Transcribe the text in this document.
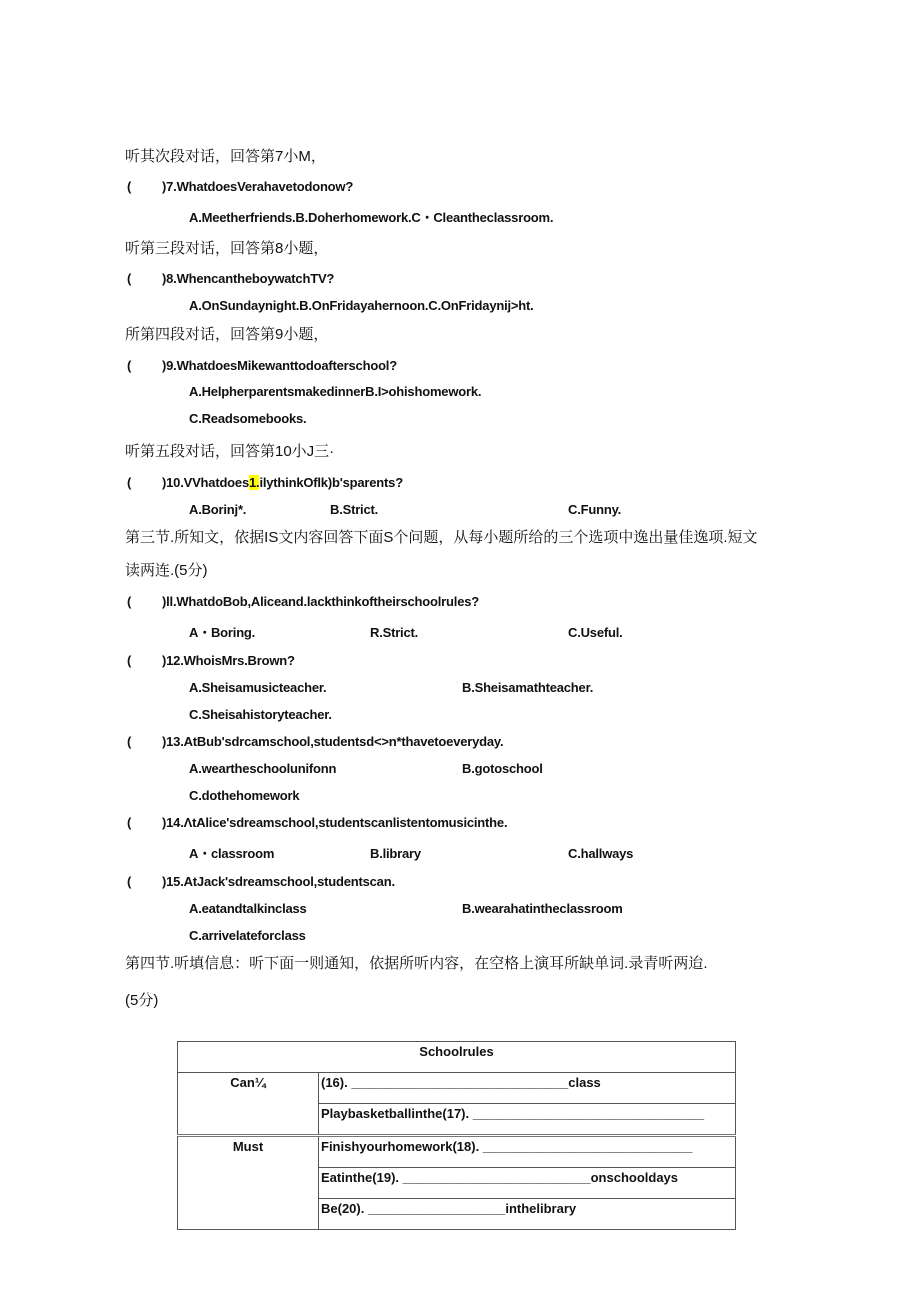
听其次段对话，回答第7小M，
( )7.WhatdoesVerahavetodonow?
A.Meetherfriends.B.Doherhomework.C・Cleantheclassroom.
听第三段对话，回答第8小题，
( )8.WhencantheboywatchTV?
A.OnSundaynight.B.OnFridayahernoon.C.OnFridaynij>ht.
所第四段对话，回答第9小题，
( )9.WhatdoesMikewanttodoafterschool?
A.HelpherparentsmakedinnerB.I>ohishomework.
C.Readsomebooks.
听第五段对话，回答第10小J三·
( )10.VVhatdoes1.ilythinkOflk)b'sparents?
A.Borinj*.	B.Strict.	C.Funny.
第三节.所知文，依据IS文内容回答下面S个问题，从每小题所给的三个选项中逸出量佳逸项.短文
读两连.(5分)
( )ll.WhatdoBob,Aliceand.lackthinkoftheirschoolrules?
A・Boring.	R.Strict.	C.Useful.
( )12.WhoisMrs.Brown?
A.Sheisamusicteacher.	B.Sheisamathteacher.
C.Sheisahistoryteacher.
( )13.AtBub'sdrcamschool,studentsd<>n*thavetoeveryday.
A.weartheschoolunifonn	B.gotoschool
C.dothehomework
( )14.ΛtAlice'sdreamschool,studentscanlistentomusicinthe.
A・classroom	B.library	C.hallways
( )15.AtJack'sdreamschool,studentscan.
A.eatandtalkinclass	B.wearahatintheclassroom
C.arrivelateforclass
第四节.听填信息：听下面一则通知，依据所听内容，在空格上演耳所缺单词.录青听两迨.
(5分)
Schoolrules	
Can¼	(16). ______________________________class
	Playbasketballinthe(17). ________________________________
Must	Finishyourhomework(18). _____________________________
	Eatinthe(19). __________________________onschooldays
	Be(20). ___________________inthelibrary
